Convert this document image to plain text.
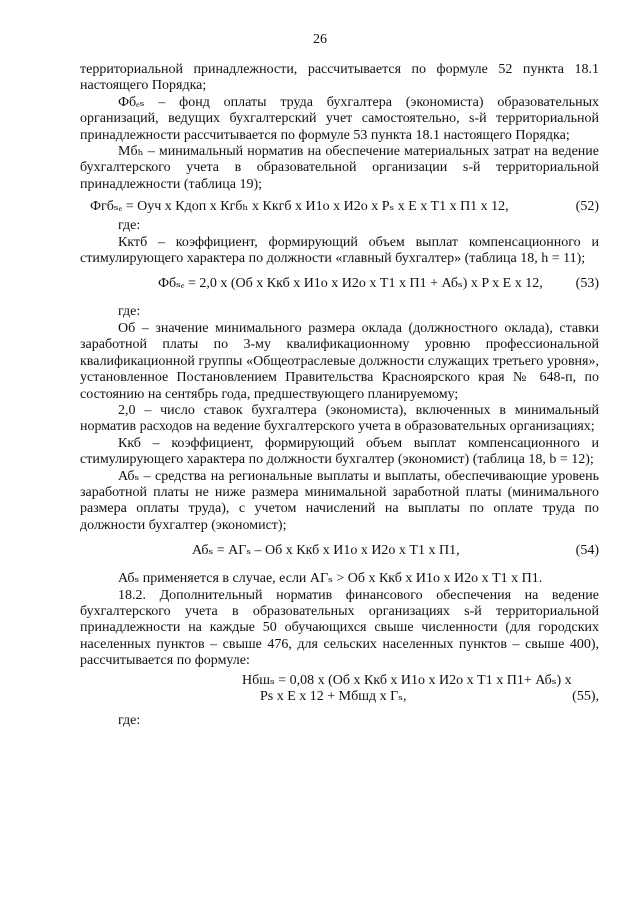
26

территориальной принадлежности, рассчитывается по формуле 52 пункта 18.1 настоящего Порядка;

Фбₑₛ – фонд оплаты труда бухгалтера (экономиста) образовательных организаций, ведущих бухгалтерский учет самостоятельно, s-й территориальной принадлежности рассчитывается по формуле 53 пункта 18.1 настоящего Порядка;

Мбₕ – минимальный норматив на обеспечение материальных затрат на ведение бухгалтерского учета в образовательной организации s-й территориальной принадлежности (таблица 19);

Фгбₛₑ = Оуч x Кдоп x Кгбₕ x Ккгб x И1о x И2о x Pₛ x E x T1 x П1 x 12,	(52)

где:

Кктб – коэффициент, формирующий объем выплат компенсационного и стимулирующего характера по должности «главный бухгалтер» (таблица 18, h = 11);

Фбₛₑ = 2,0 x (Об x Ккб x И1о x И2о x Т1 x П1 + Абₛ) x P x E x 12, (53)

где:

Об – значение минимального размера оклада (должностного оклада), ставки заработной платы по 3-му квалификационному уровню профессиональной квалификационной группы «Общеотраслевые должности служащих третьего уровня», установленное Постановлением Правительства Красноярского края № 648-п, по состоянию на сентябрь года, предшествующего планируемому;

2,0 – число ставок бухгалтера (экономиста), включенных в минимальный норматив расходов на ведение бухгалтерского учета в образовательных организациях;

Ккб – коэффициент, формирующий объем выплат компенсационного и стимулирующего характера по должности бухгалтер (экономист) (таблица 18, b = 12);

Абₛ – средства на региональные выплаты и выплаты, обеспечивающие уровень заработной платы не ниже размера минимальной заработной платы (минимального размера оплаты труда), с учетом начислений на выплаты по оплате труда по должности бухгалтер (экономист);

Абₛ = АГₛ – Об x Ккб x И1о x И2о x Т1 x П1,	(54)

Абₛ применяется в случае, если АГₛ > Об x Ккб x И1о x И2о x Т1 x П1.

18.2. Дополнительный норматив финансового обеспечения на ведение бухгалтерского учета в образовательных организациях s-й территориальной принадлежности на каждые 50 обучающихся свыше численности (для городских населенных пунктов – свыше 476, для сельских населенных пунктов – свыше 400), рассчитывается по формуле:

Нбшₛ = 0,08 x (Об x Ккб x И1о x И2о x Т1 x П1+ Абₛ) x
Ps x E x 12 + Мбшд x Гₛ,	(55),

где:
